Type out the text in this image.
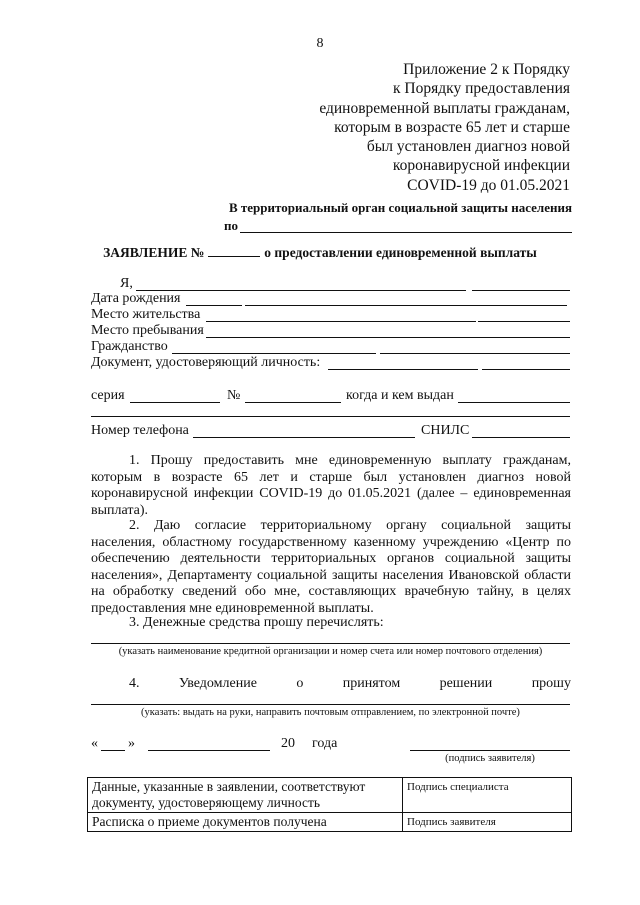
8
Приложение 2 к Порядку
к Порядку предоставления
единовременной выплаты гражданам,
которым в возрасте 65 лет и старше
был установлен диагноз новой
коронавирусной инфекции
COVID-19 до 01.05.2021
В территориальный орган социальной защиты населения
по
ЗАЯВЛЕНИЕ №	о предоставлении единовременной выплаты
Я,
Дата рождения
Место жительства
Место пребывания
Гражданство
Документ, удостоверяющий личность:
серия	№	когда и кем выдан
Номер телефона	СНИЛС
1. Прошу предоставить мне единовременную выплату гражданам, которым в возрасте 65 лет и старше был установлен диагноз новой коронавирусной инфекции COVID-19 до 01.05.2021 (далее – единовременная выплата).
2. Даю согласие территориальному органу социальной защиты населения, областному государственному казенному учреждению «Центр по обеспечению деятельности территориальных органов социальной защиты населения», Департаменту социальной защиты населения Ивановской области на обработку сведений обо мне, составляющих врачебную тайну, в целях предоставления мне единовременной выплаты.
3. Денежные средства прошу перечислять:
(указать наименование кредитной организации и номер счета или номер почтового отделения)
4.	Уведомление	о	принятом	решении	прошу
(указать: выдать на руки, направить почтовым отправлением, по электронной почте)
« »	20 года
(подпись заявителя)
Данные, указанные в заявлении, соответствуют документу, удостоверяющему личность	Подпись специалиста
Расписка о приеме документов получена	Подпись заявителя
